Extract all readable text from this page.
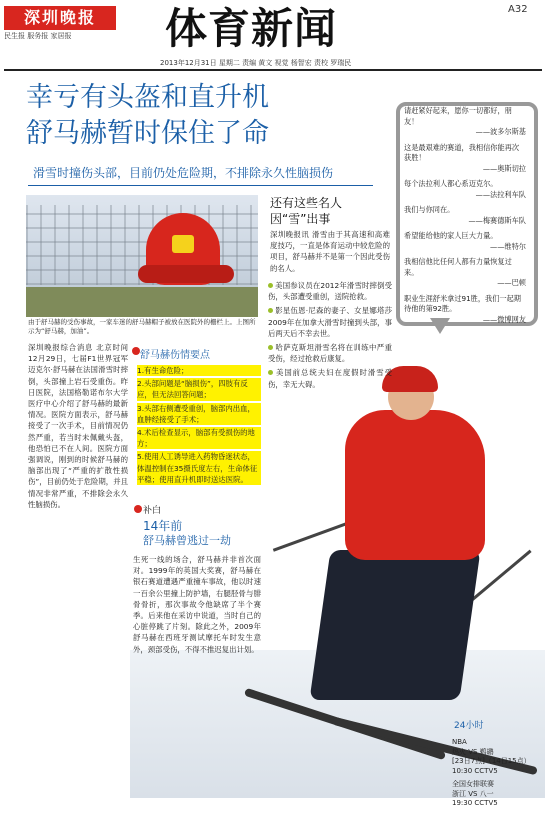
深圳晚报
民生报 服务报 家居报	体育新闻	A32
2013年12月31日 星期二 责编 黄文 视觉 杨智宏 责校 罗瑞民
幸亏有头盔和直升机
舒马赫暂时保住了命
滑雪时撞伤头部，目前仍处危险期，不排除永久性脑损伤
由于舒马赫的受伤事故，一家车迷的舒马赫帽子被放在医院外的栅栏上。上图所示为“舒马赫，加油”。
深圳晚报综合消息 北京时间12月29日，七届F1世界冠军迈克尔·舒马赫在法国滑雪时摔倒，头部撞上岩石受重伤。昨日医院，法国格勒诺布尔大学医疗中心介绍了舒马赫的最新情况。医院方面表示，舒马赫接受了一次手术，目前情况仍然严重，若当时未佩戴头盔，他恐怕已不在人间。医院方面强调说，刚到的时候舒马赫的脑部出现了“严重的扩散性损伤”，目前仍处于危险期，并且情况非常严重，不排除会永久性脑损伤。
舒马赫伤情要点
1.有生命危险；
2.头部问题是“脑损伤”，四肢有反应，但无法回答问题；
3.头部右侧遭受重创，脑部内出血，血肿经接受了手术；
4.术后检查显示，脑部有受损伤的地方；
5.使用人工诱导进入药物昏迷状态，体温控制在35摄氏度左右，生命体征平稳；使用直升机即时送达医院。
补白
14年前
舒马赫曾逃过一劫
生死一线的场合，舒马赫并非首次面对。1999年的英国大奖赛，舒马赫在银石赛道遭遇严重撞车事故，他以时速一百余公里撞上防护墙，右腿胫骨与腓骨骨折，那次事故令他缺席了半个赛季。后来他在采访中说道，当时自己的心脏停跳了片刻。除此之外，2009年舒马赫在西班牙测试摩托车时发生意外，颈部受伤，不得不推迟复出计划。
还有这些名人
因“雪”出事
深圳晚报讯 滑雪由于其高速和高难度技巧，一直是体育运动中较危险的项目，舒马赫并不是第一个因此受伤的名人。
美国参议员在2012年滑雪时摔倒受伤，头部遭受重创，送院抢救。
影星伍恩·尼森的妻子、女星娜塔莎2009年在加拿大滑雪时撞到头部，事后两天后不幸去世。
哈萨克斯坦滑雪名将在训练中严重受伤，经过抢救后康复。
美国前总统夫妇在度假时滑雪受伤，幸无大碍。
请赶紧好起来，愿你一切都好，朋友！
——波多尔斯基
这是最艰难的赛道，我相信你能再次获胜！
——奥斯切拉
每个法拉利人都心系迈克尔。
——法拉利车队
我们与你同在。
——梅赛德斯车队
希望能给他的家人巨大力量。
——维特尔
我相信他比任何人都有力量恢复过来。
——巴顿
职业生涯舒米拿过91胜，我们一起期待他的第92胜。
——微博网友
24小时
NBA
热火 VS 鹈鹕
[23日7点]（14日15点）
10:30 CCTV5
全国女排联赛
浙江 VS 八一
19:30 CCTV5
